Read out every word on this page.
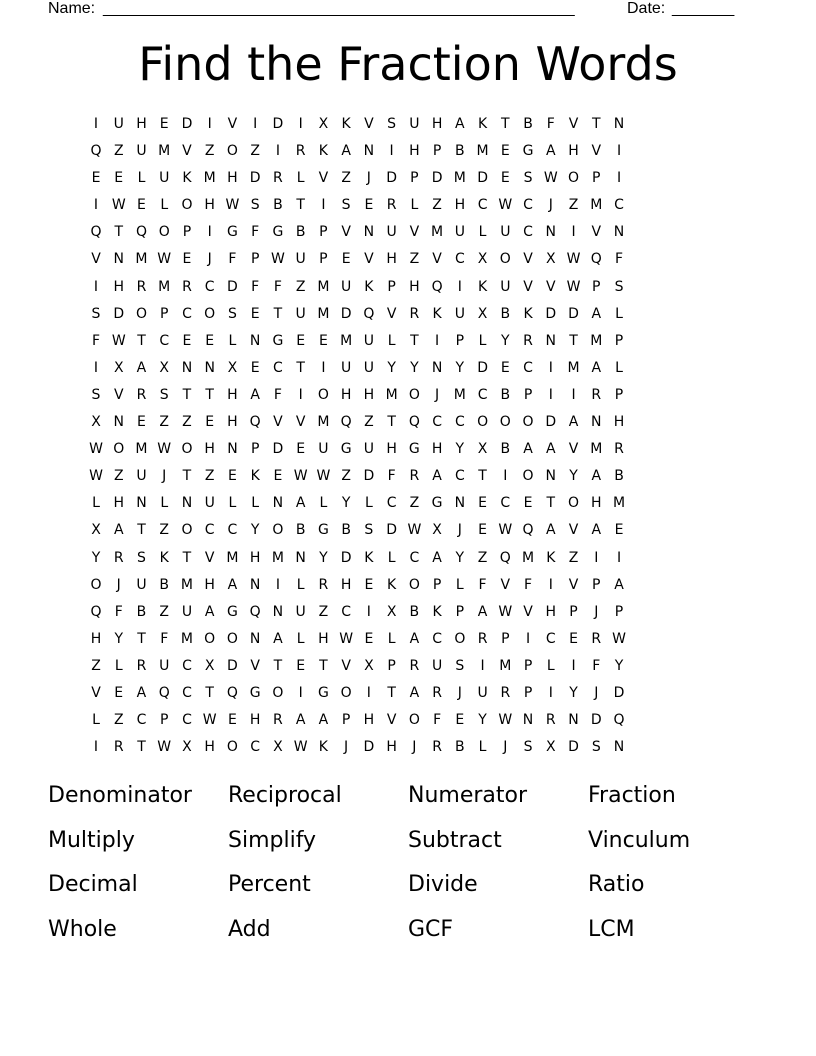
Name: _____________________________________________________	Date: _______
Find the Fraction Words
I	U H E D	I	V	I	D	I	X K V S U H A K T B F V T N
Q Z U M V Z O Z	I	R K A N	I	H P B M E G A H V	I
E E	L U K M H D R L	V Z	J	D P D M D E S W O P	I
I W E	L O H W S B T	I	S E R L	Z H C W C	J	Z M C
Q T Q O P	I	G F G B P V N U V M U L U C N	I	V N
V N M W E	J	F	P W U P	E V H Z V C X O V X W Q F
I	H R M R C D F	F Z M U K P H Q	I	K U V V W P	S
S D O P C O S E	T U M D Q V R K U X B K D D A	L
F W T C E E	L N G E E M U L	T	I	P	L	Y R N T M P
I	X A X N N X E C T	I	U U Y	Y N Y D E C	I	M A	L
S V R S	T	T H A F	I	O H H M O	J	M C B P	I	I	R P
X N E Z Z E H Q V V M Q Z T Q C C O O O D A N H
W O M W O H N P D E U G U H G H Y X B A A V M R
W Z U	J	T Z E K E W W Z D F R A C T	I	O N Y A B
L H N L N U L	L N A	L	Y	L C Z G N E C E	T O H M
X A T Z O C C Y O B G B S D W X	J	E W Q A V A E
Y R S K T V M H M N Y D K	L C A Y Z Q M K Z	I	I
O	J	U B M H A N	I	L R H E K O P	L	F V F	I	V P A
Q F B Z U A G Q N U Z C	I	X B K P A W V H P	J	P
H Y	T	F M O O N A	L H W E	L	A C O R P	I	C E R W
Z	L R U C X D V T	E	T V X P R U S	I	M P	L	I	F	Y
V E A Q C T Q G O	I	G O	I	T A R	J	U R P	I	Y	J	D
L	Z C P C W E H R A A P H V O F	E	Y W N R N D Q
I	R T W X H O C X W K	J	D H	J	R B	L	J	S X D S N
Denominator Reciprocal	Numerator	Fraction
Multiply	Simplify	Subtract	Vinculum
Decimal	Percent	Divide	Ratio
Whole	Add	GCF	LCM
